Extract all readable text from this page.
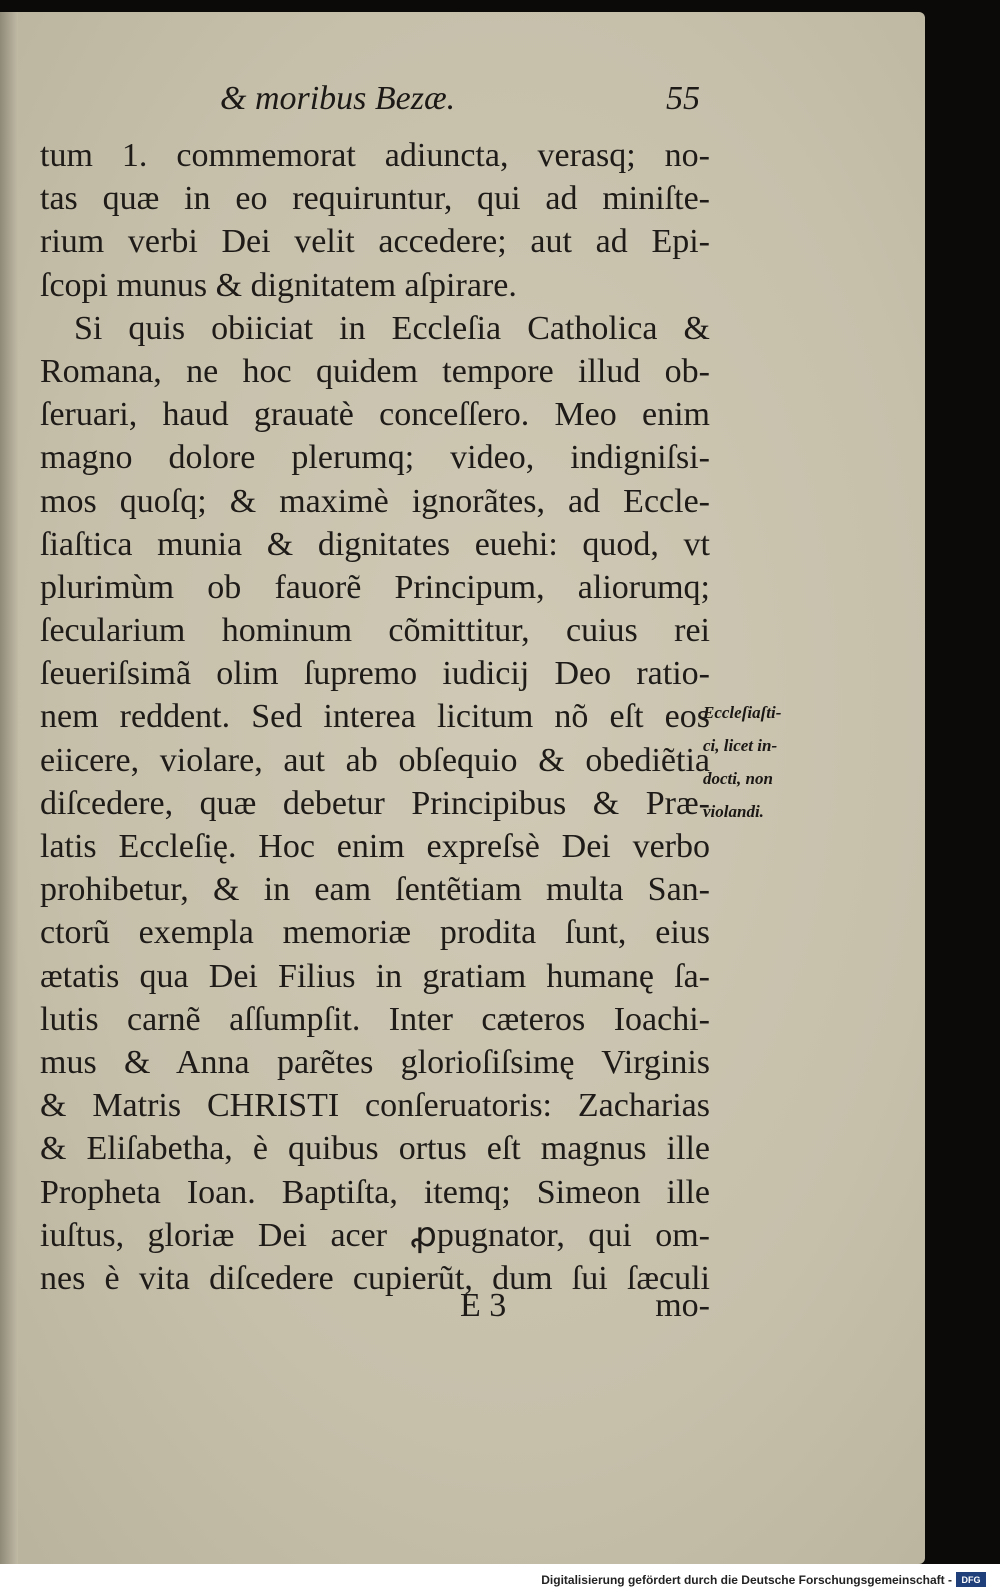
& moribus Bezæ.	55
tum 1. commemorat adiuncta, verasq; no-
tas quæ in eo requiruntur, qui ad miniſte-
rium verbi Dei velit accedere; aut ad Epi-
ſcopi munus & dignitatem aſpirare.
Si quis obiiciat in Eccleſia Catholica &
Romana, ne hoc quidem tempore illud ob-
ſeruari, haud grauatè conceſſero. Meo enim
magno dolore plerumq; video, indigniſsi-
mos quoſq; & maximè ignorãtes, ad Eccle-
ſiaſtica munia & dignitates euehi: quod, vt
plurimùm ob fauorẽ Principum, aliorumq;
ſecularium hominum cõmittitur, cuius rei
ſeueriſsimã olim ſupremo iudicij Deo ratio-
nem reddent. Sed interea licitum nõ eſt eos
eiicere, violare, aut ab obſequio & obediẽtia
diſcedere, quæ debetur Principibus & Præ-
latis Eccleſię. Hoc enim expreſsè Dei verbo
prohibetur, & in eam ſentẽtiam multa San-
ctorũ exempla memoriæ prodita ſunt, eius
ætatis qua Dei Filius in gratiam humanę ſa-
lutis carnẽ aſſumpſit. Inter cæteros Ioachi-
mus & Anna parẽtes glorioſiſsimę Virginis
& Matris CHRISTI conſeruatoris: Zacharias
& Eliſabetha, è quibus ortus eſt magnus ille
Propheta Ioan. Baptiſta, itemq; Simeon ille
iuſtus, gloriæ Dei acer ꝓpugnator, qui om-
nes è vita diſcedere cupierũt, dum ſui ſæculi
Eccleſiaſti-
ci, licet in-
docti, non
violandi.
E 3	mo-
Digitalisierung gefördert durch die Deutsche Forschungsgemeinschaft -	DFG
